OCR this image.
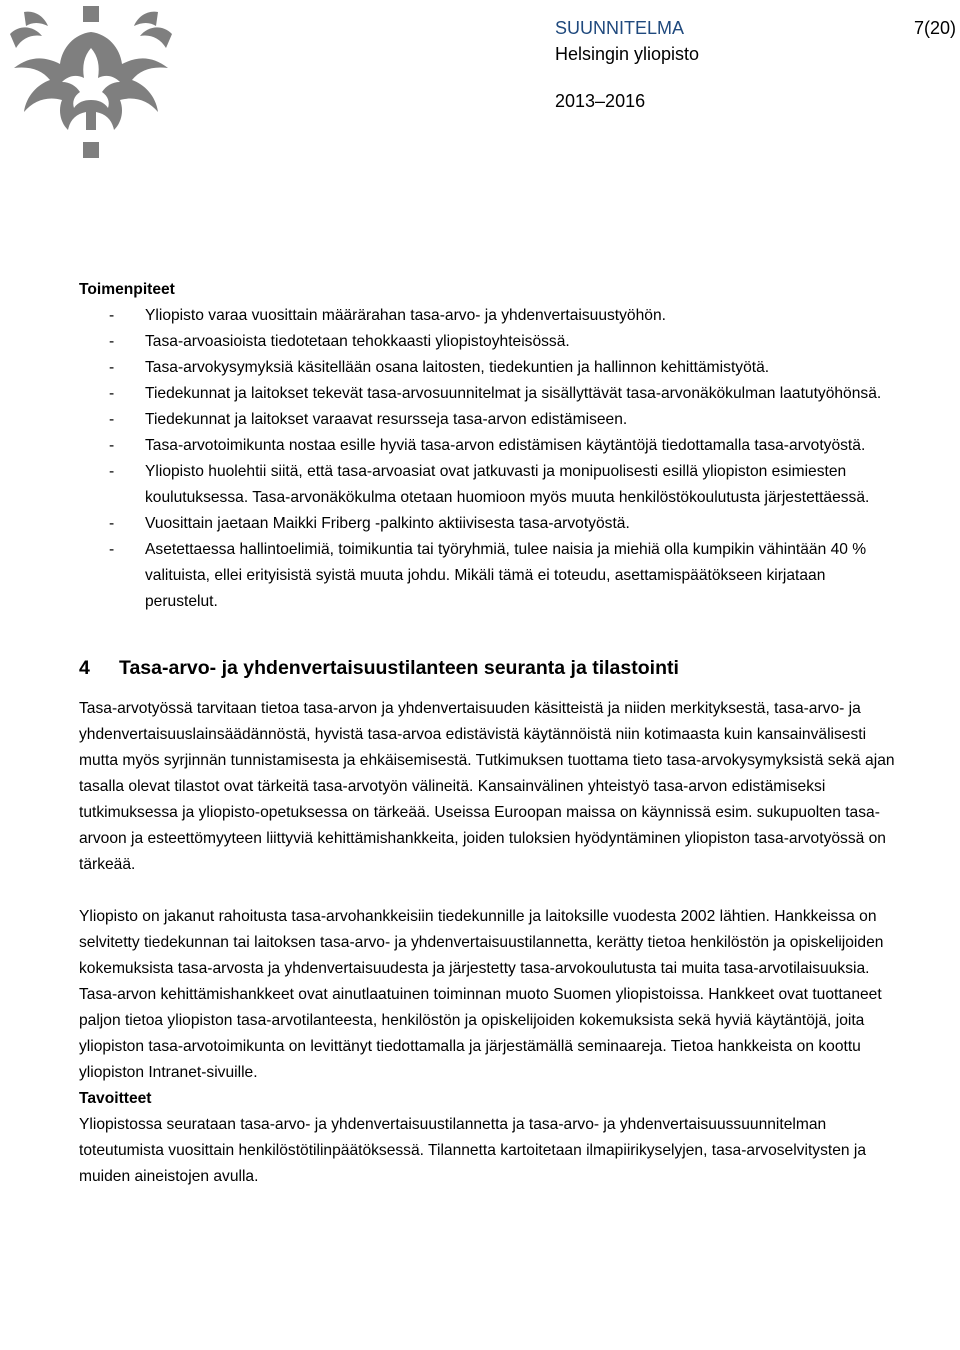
SUUNNITELMA	7(20)
Helsingin yliopisto
2013–2016
Toimenpiteet
- Yliopisto varaa vuosittain määrärahan tasa-arvo- ja yhdenvertaisuustyöhön.
- Tasa-arvoasioista tiedotetaan tehokkaasti yliopistoyhteisössä.
- Tasa-arvokysymyksiä käsitellään osana laitosten, tiedekuntien ja hallinnon kehittämistyötä.
- Tiedekunnat ja laitokset tekevät tasa-arvosuunnitelmat ja sisällyttävät tasa-arvonäkökulman laatutyöhönsä.
- Tiedekunnat ja laitokset varaavat resursseja tasa-arvon edistämiseen.
- Tasa-arvotoimikunta nostaa esille hyviä tasa-arvon edistämisen käytäntöjä tiedottamalla tasa-arvotyöstä.
- Yliopisto huolehtii siitä, että tasa-arvoasiat ovat jatkuvasti ja monipuolisesti esillä yliopiston esimiesten koulutuksessa. Tasa-arvonäkökulma otetaan huomioon myös muuta henkilöstökoulutusta järjestettäessä.
- Vuosittain jaetaan Maikki Friberg -palkinto aktiivisesta tasa-arvotyöstä.
- Asetettaessa hallintoelimiä, toimikuntia tai työryhmiä, tulee naisia ja miehiä olla kumpikin vähintään 40 % valituista, ellei erityisistä syistä muuta johdu. Mikäli tämä ei toteudu, asettamispäätökseen kirjataan perustelut.
4 Tasa-arvo- ja yhdenvertaisuustilanteen seuranta ja tilastointi

Tasa-arvotyössä tarvitaan tietoa tasa-arvon ja yhdenvertaisuuden käsitteistä ja niiden merkityksestä, tasa-arvo- ja yhdenvertaisuuslainsäädännöstä, hyvistä tasa-arvoa edistävistä käytännöistä niin kotimaasta kuin kansainvälisesti mutta myös syrjinnän tunnistamisesta ja ehkäisemisestä. Tutkimuksen tuottama tieto tasa-arvokysymyksistä sekä ajan tasalla olevat tilastot ovat tärkeitä tasa-arvotyön välineitä. Kansainvälinen yhteistyö tasa-arvon edistämiseksi tutkimuksessa ja yliopisto-opetuksessa on tärkeää. Useissa Euroopan maissa on käynnissä esim. sukupuolten tasa-arvoon ja esteettömyyteen liittyviä kehittämishankkeita, joiden tuloksien hyödyntäminen yliopiston tasa-arvotyössä on tärkeää.

Yliopisto on jakanut rahoitusta tasa-arvohankkeisiin tiedekunnille ja laitoksille vuodesta 2002 lähtien. Hankkeissa on selvitetty tiedekunnan tai laitoksen tasa-arvo- ja yhdenvertaisuustilannetta, kerätty tietoa henkilöstön ja opiskelijoiden kokemuksista tasa-arvosta ja yhdenvertaisuudesta ja järjestetty tasa-arvokoulutusta tai muita tasa-arvotilaisuuksia. Tasa-arvon kehittämishankkeet ovat ainutlaatuinen toiminnan muoto Suomen yliopistoissa. Hankkeet ovat tuottaneet paljon tietoa yliopiston tasa-arvotilanteesta, henkilöstön ja opiskelijoiden kokemuksista sekä hyviä käytäntöjä, joita yliopiston tasa-arvotoimikunta on levittänyt tiedottamalla ja järjestämällä seminaareja. Tietoa hankkeista on koottu yliopiston Intranet-sivuille.

Tavoitteet

Yliopistossa seurataan tasa-arvo- ja yhdenvertaisuustilannetta ja tasa-arvo- ja yhdenvertaisuussuunnitelman toteutumista vuosittain henkilöstötilinpäätöksessä. Tilannetta kartoitetaan ilmapiirikyselyjen, tasa-arvoselvitysten ja muiden aineistojen avulla.
